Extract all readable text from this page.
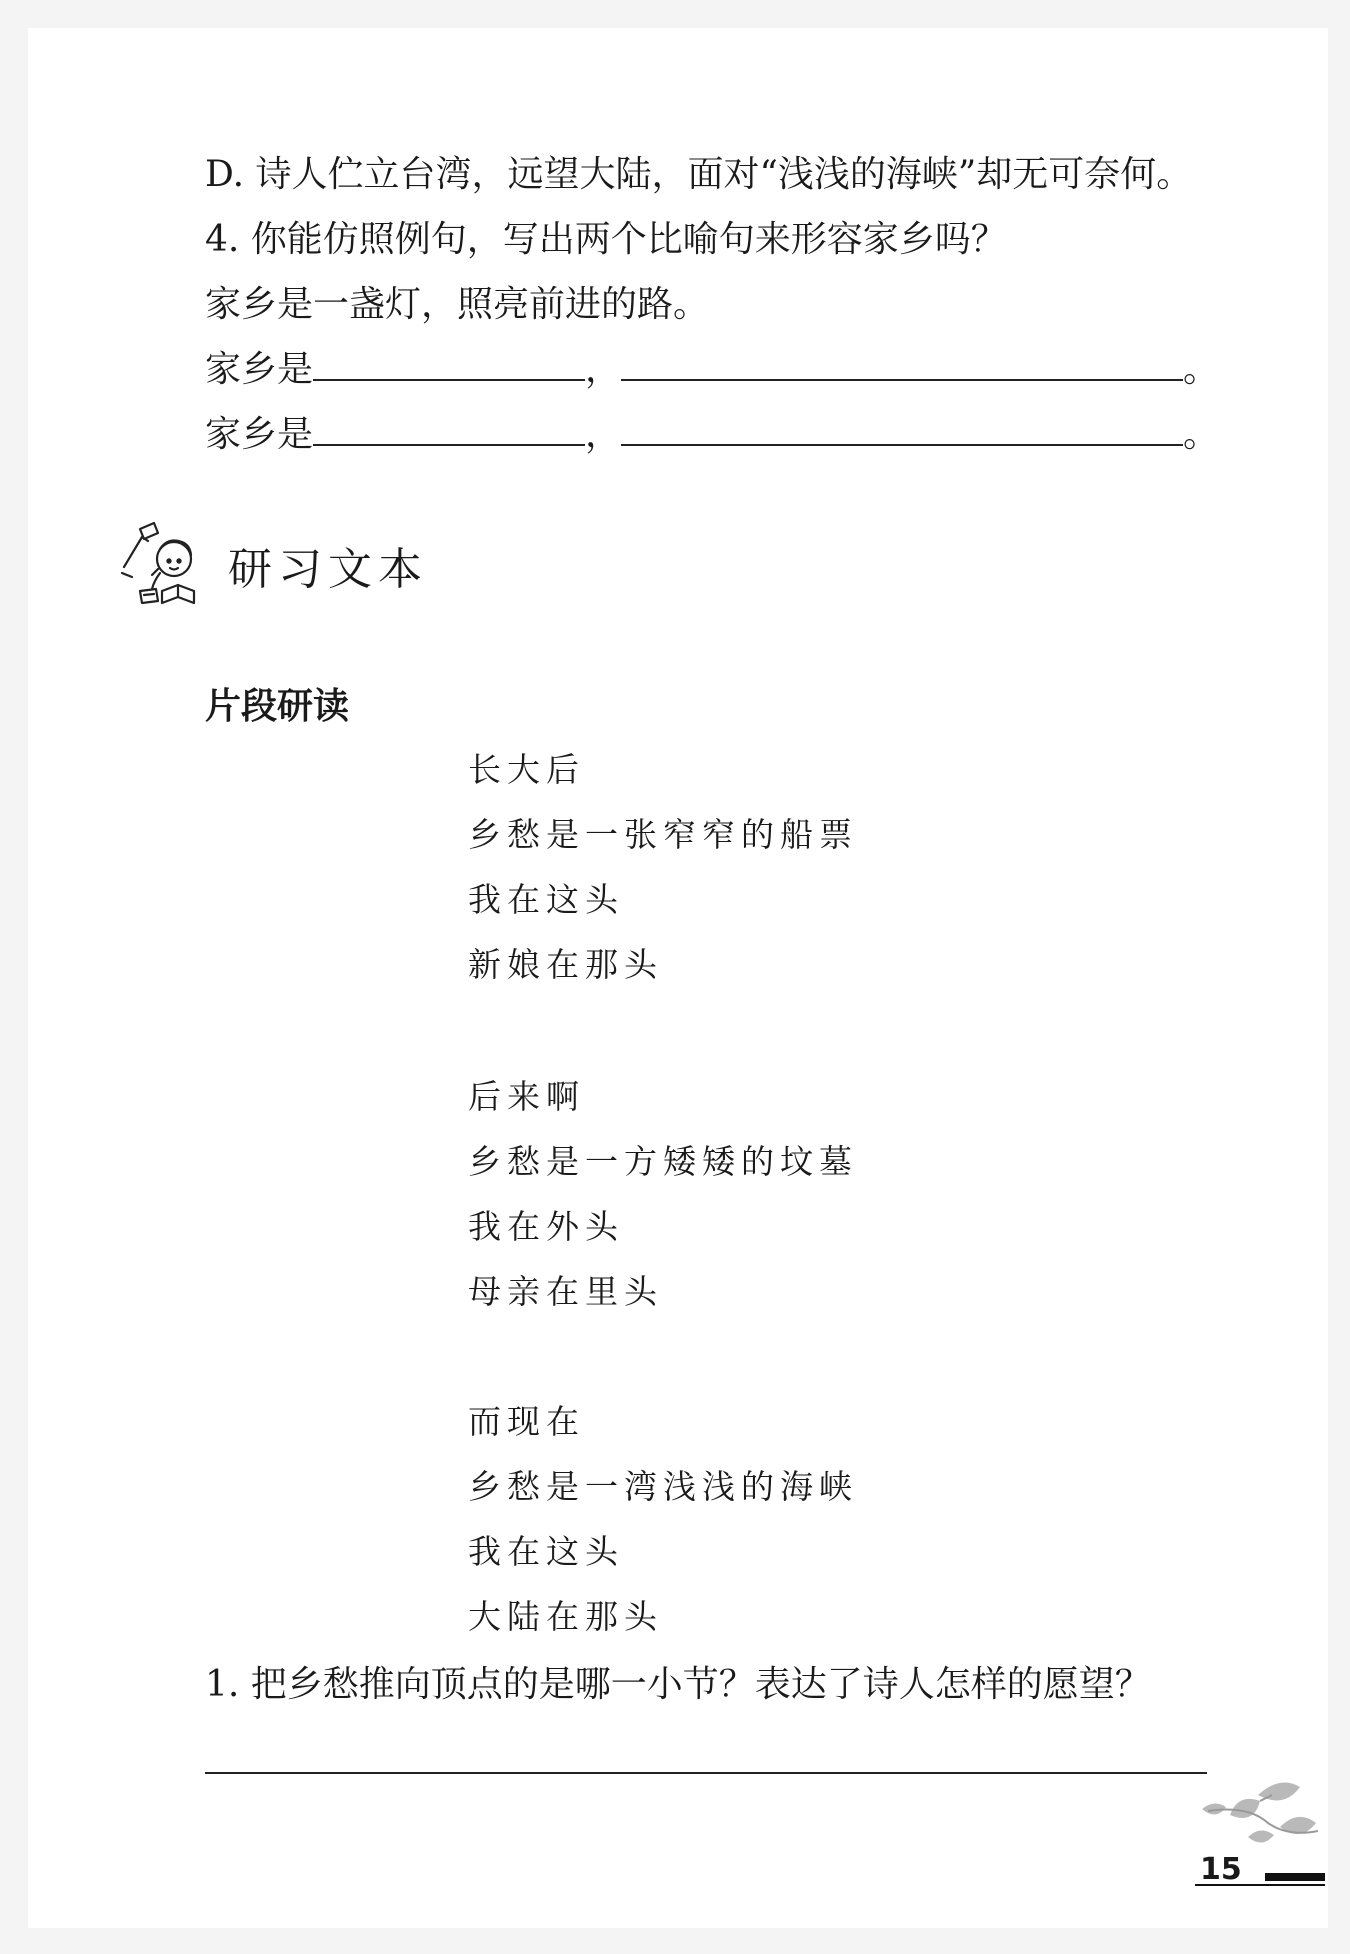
D. 诗人伫立台湾，远望大陆，面对“浅浅的海峡”却无可奈何。
4. 你能仿照例句，写出两个比喻句来形容家乡吗？
家乡是一盏灯，照亮前进的路。
家乡是	，	。
家乡是	，	。
研习文本
片段研读
长大后
乡愁是一张窄窄的船票
我在这头
新娘在那头
后来啊
乡愁是一方矮矮的坟墓
我在外头
母亲在里头
而现在
乡愁是一湾浅浅的海峡
我在这头
大陆在那头
1. 把乡愁推向顶点的是哪一小节？表达了诗人怎样的愿望？
15
